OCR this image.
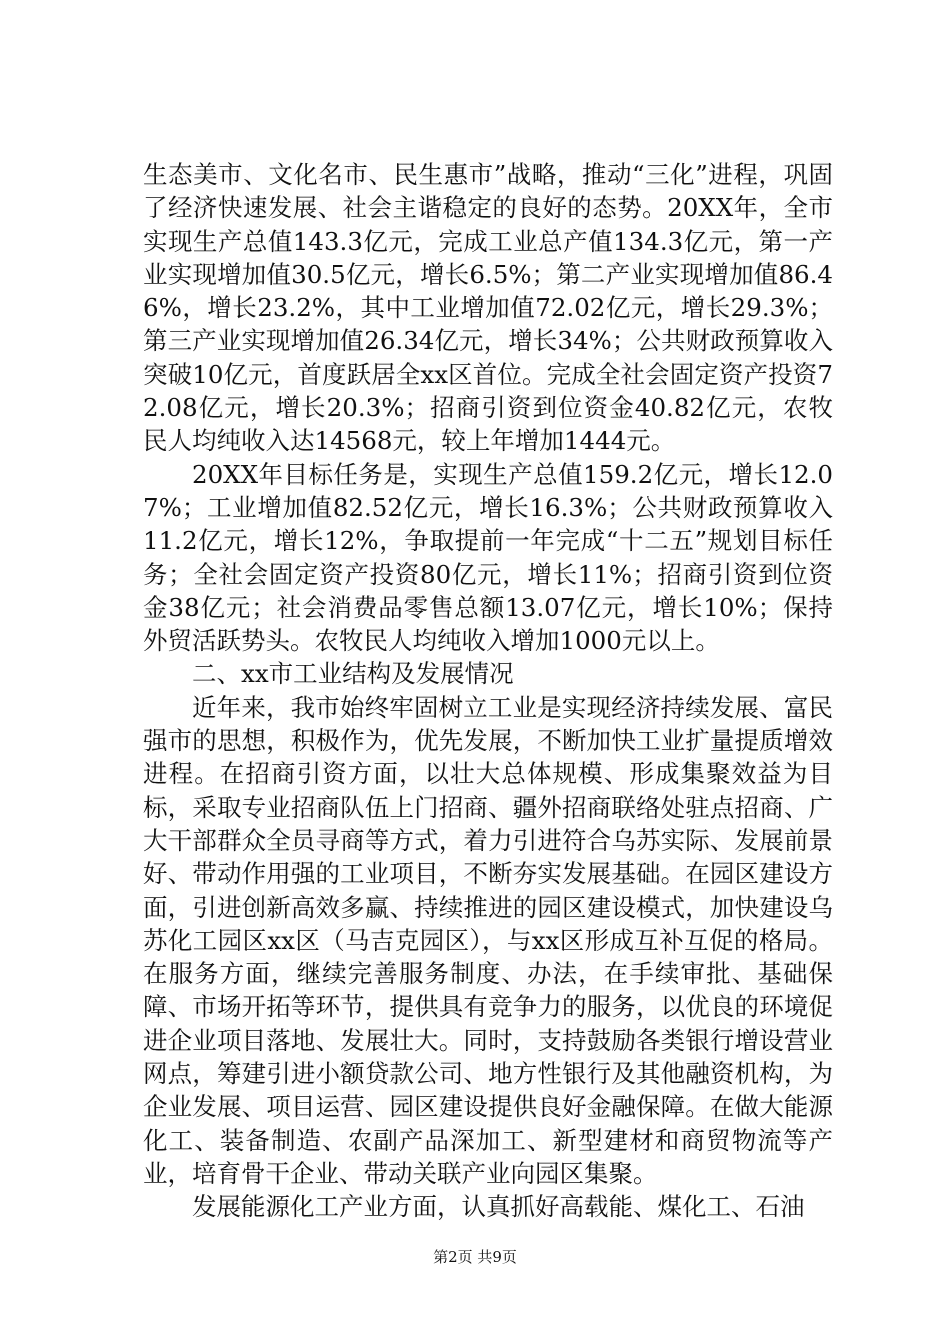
生态美市、文化名市、民生惠市”战略，推动“三化”进程，巩固了经济快速发展、社会主谐稳定的良好的态势。20XX年，全市实现生产总值143.3亿元，完成工业总产值134.3亿元，第一产业实现增加值30.5亿元，增长6.5%；第二产业实现增加值86.46%，增长23.2%，其中工业增加值72.02亿元，增长29.3%；第三产业实现增加值26.34亿元，增长34%；公共财政预算收入突破10亿元，首度跃居全xx区首位。完成全社会固定资产投资72.08亿元，增长20.3%；招商引资到位资金40.82亿元，农牧民人均纯收入达14568元，较上年增加1444元。

20XX年目标任务是，实现生产总值159.2亿元，增长12.07%；工业增加值82.52亿元，增长16.3%；公共财政预算收入11.2亿元，增长12%，争取提前一年完成“十二五”规划目标任务；全社会固定资产投资80亿元，增长11%；招商引资到位资金38亿元；社会消费品零售总额13.07亿元，增长10%；保持外贸活跃势头。农牧民人均纯收入增加1000元以上。

二、xx市工业结构及发展情况

近年来，我市始终牢固树立工业是实现经济持续发展、富民强市的思想，积极作为，优先发展，不断加快工业扩量提质增效进程。在招商引资方面，以壮大总体规模、形成集聚效益为目标，采取专业招商队伍上门招商、疆外招商联络处驻点招商、广大干部群众全员寻商等方式，着力引进符合乌苏实际、发展前景好、带动作用强的工业项目，不断夯实发展基础。在园区建设方面，引进创新高效多赢、持续推进的园区建设模式，加快建设乌苏化工园区xx区（马吉克园区），与xx区形成互补互促的格局。在服务方面，继续完善服务制度、办法，在手续审批、基础保障、市场开拓等环节，提供具有竞争力的服务，以优良的环境促进企业项目落地、发展壮大。同时，支持鼓励各类银行增设营业网点，筹建引进小额贷款公司、地方性银行及其他融资机构，为企业发展、项目运营、园区建设提供良好金融保障。在做大能源化工、装备制造、农副产品深加工、新型建材和商贸物流等产业，培育骨干企业、带动关联产业向园区集聚。

发展能源化工产业方面，认真抓好高载能、煤化工、石油

第2页 共9页
